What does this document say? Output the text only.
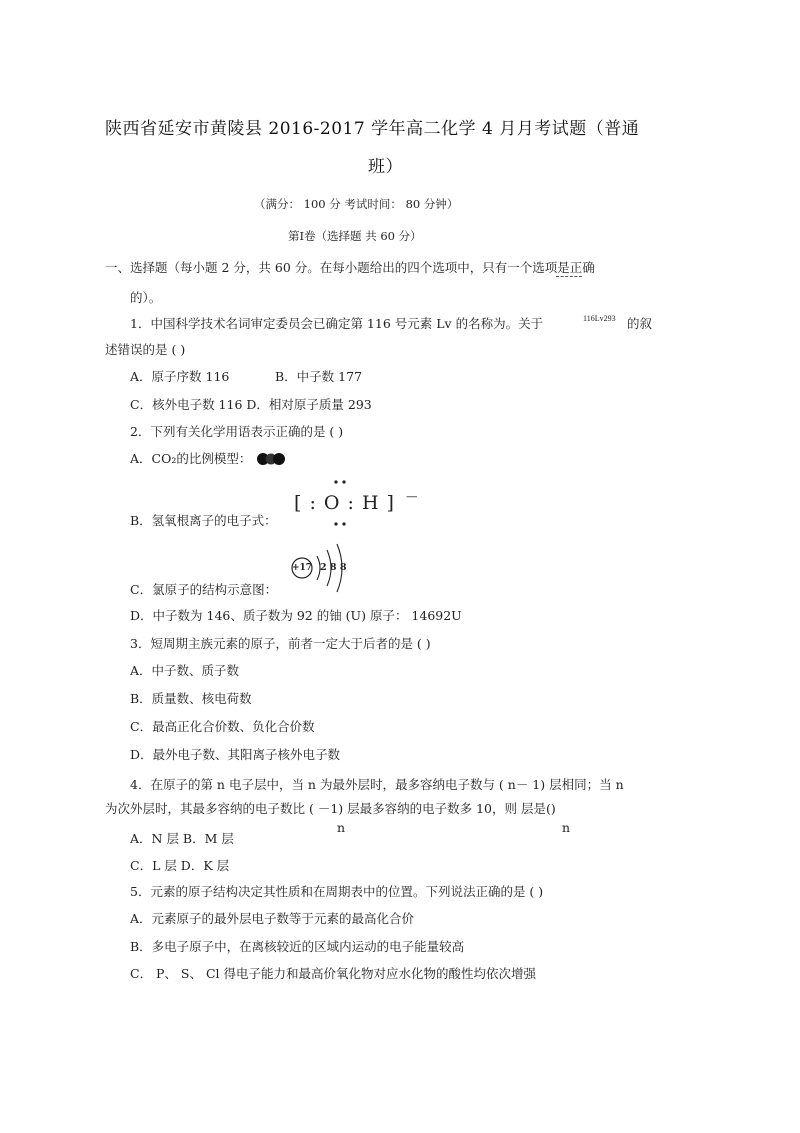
陕西省延安市黄陵县 2016-2017 学年高二化学 4 月月考试题（普通
班）
（满分： 100 分 考试时间： 80 分钟）
第Ⅰ卷（选择题 共 60 分）
一、选择题（每小题 2 分，共 60 分。在每小题给出的四个选项中，只有一个选项是正确
的）。
1．中国科学技术名词审定委员会已确定第 116 号元素 Lv 的名称为。关于	116Lv293 的叙
述错误的是 ( )
A．原子序数 116	B．中子数 177
C．核外电子数 116 D．相对原子质量 293
2．下列有关化学用语表示正确的是 ( )
A．CO₂的比例模型：
[ : O : H ] —
B．氢氧根离子的电子式：
+17 2 8 8
C．氯原子的结构示意图：
D．中子数为 146、质子数为 92 的铀 (U) 原子： 14692U
3．短周期主族元素的原子，前者一定大于后者的是 ( )
A．中子数、质子数
B．质量数、核电荷数
C．最高正化合价数、负化合价数
D．最外电子数、其阳离子核外电子数
4．在原子的第 n 电子层中，当 n 为最外层时，最多容纳电子数与 ( n－ 1) 层相同；当 n
为次外层时，其最多容纳的电子数比 ( －1) 层最多容纳的电子数多 10，则 层是()
n	n
A．N 层 B．M 层
C．L 层 D．K 层
5．元素的原子结构决定其性质和在周期表中的位置。下列说法正确的是 ( )
A．元素原子的最外层电子数等于元素的最高化合价
B．多电子原子中，在离核较近的区域内运动的电子能量较高
C． P、 S、 Cl 得电子能力和最高价氧化物对应水化物的酸性均依次增强
